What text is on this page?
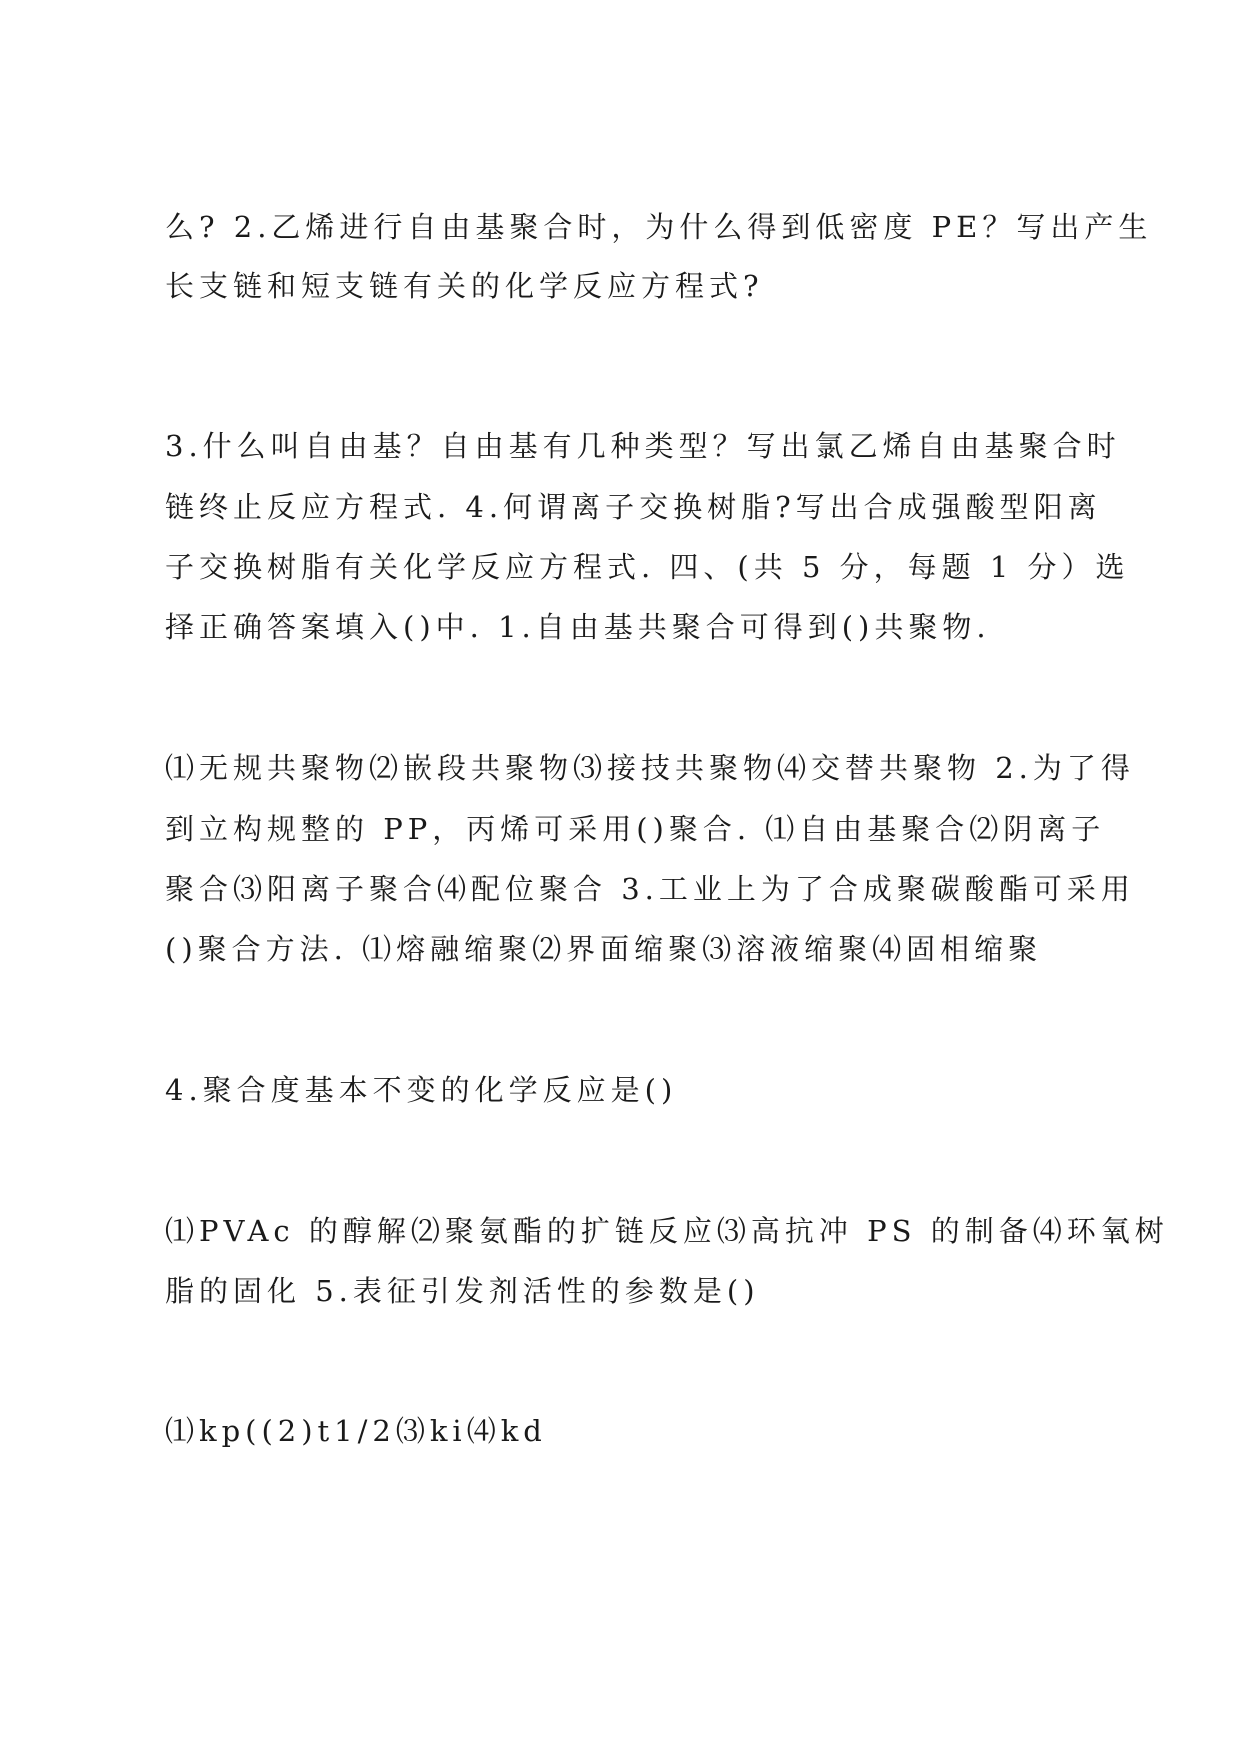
么? 2.乙烯进行自由基聚合时，为什么得到低密度 PE？写出产生
长支链和短支链有关的化学反应方程式?
3.什么叫自由基？自由基有几种类型？写出氯乙烯自由基聚合时
链终止反应方程式. 4.何谓离子交换树脂?写出合成强酸型阳离
子交换树脂有关化学反应方程式. 四、(共 5 分，每题 1 分）选
择正确答案填入()中. 1.自由基共聚合可得到()共聚物.
⑴无规共聚物⑵嵌段共聚物⑶接技共聚物⑷交替共聚物 2.为了得
到立构规整的 PP，丙烯可采用()聚合. ⑴自由基聚合⑵阴离子
聚合⑶阳离子聚合⑷配位聚合 3.工业上为了合成聚碳酸酯可采用
()聚合方法. ⑴熔融缩聚⑵界面缩聚⑶溶液缩聚⑷固相缩聚
4.聚合度基本不变的化学反应是()
⑴PVAc 的醇解⑵聚氨酯的扩链反应⑶高抗冲 PS 的制备⑷环氧树
脂的固化 5.表征引发剂活性的参数是()
⑴kp((2)t1/2⑶ki⑷kd
